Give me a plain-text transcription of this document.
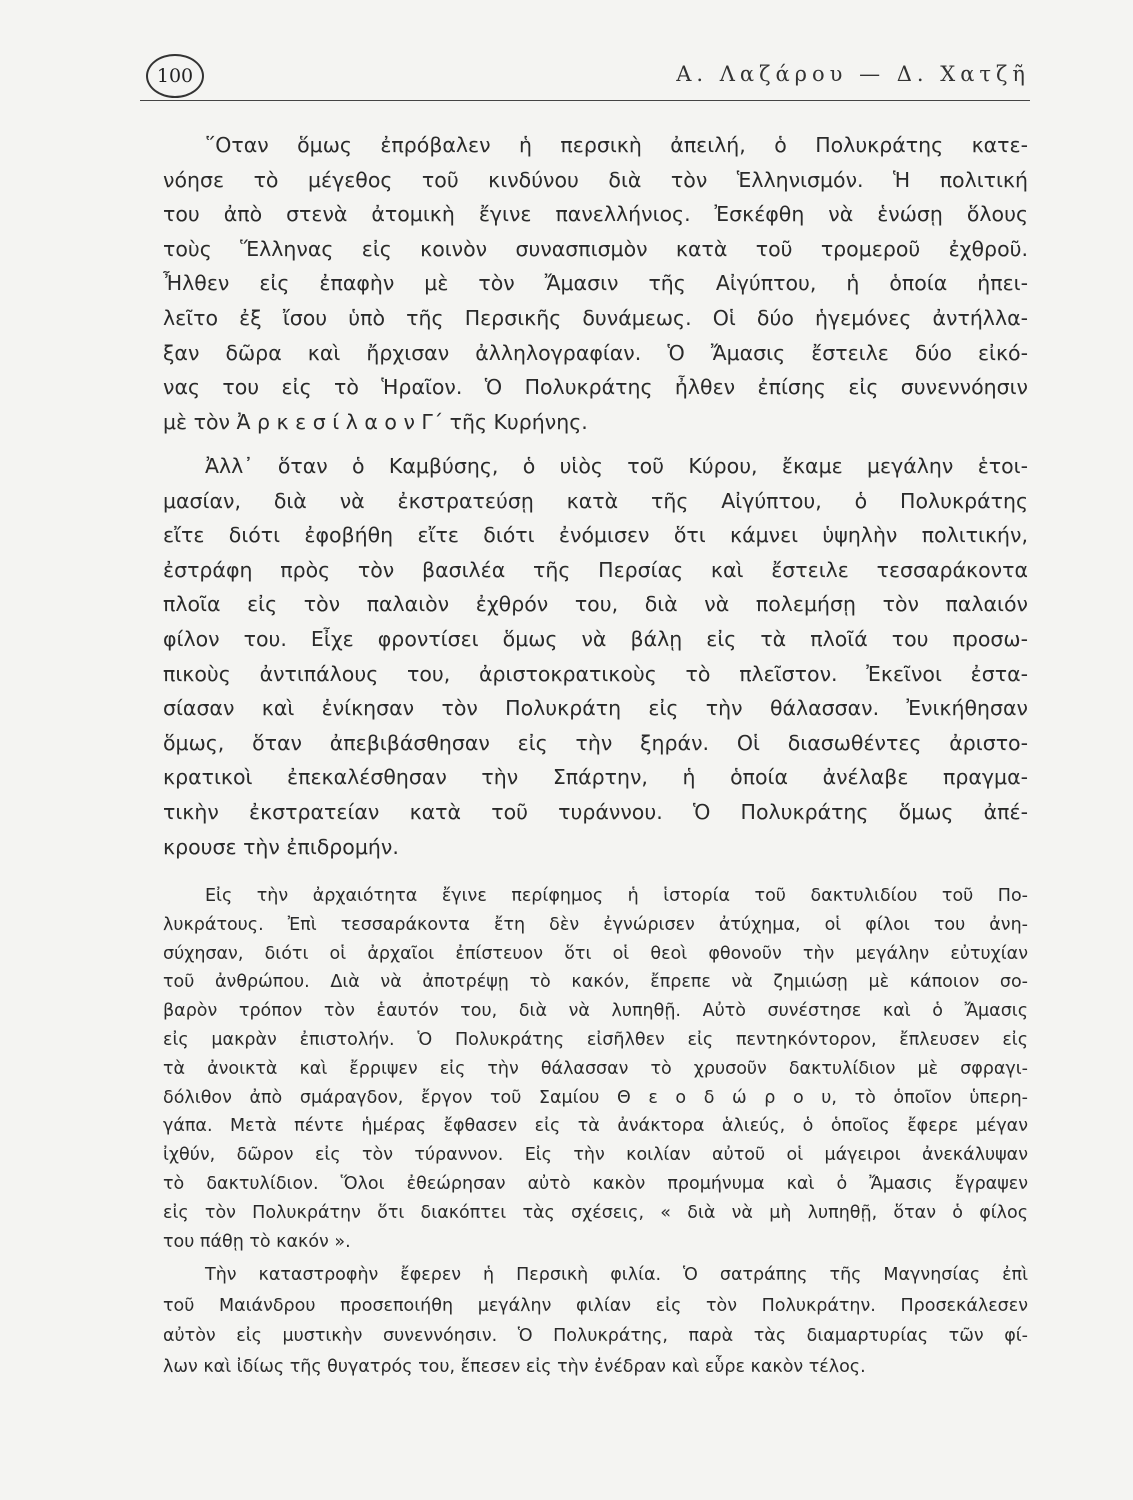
100	Α. Λαζάρου — Δ. Χατζῆ
῞Οταν ὅμως ἐπρόβαλεν ἡ περσικὴ ἀπειλή, ὁ Πολυκράτης κατε-
νόησε τὸ μέγεθος τοῦ κινδύνου διὰ τὸν Ἑλληνισμόν. Ἡ πολιτική
του ἀπὸ στενὰ ἀτομικὴ ἔγινε πανελλήνιος. Ἐσκέφθη νὰ ἑνώσῃ ὅλους
τοὺς Ἕλληνας εἰς κοινὸν συνασπισμὸν κατὰ τοῦ τρομεροῦ ἐχθροῦ.
Ἦλθεν εἰς ἐπαφὴν μὲ τὸν Ἄμασιν τῆς Αἰγύπτου, ἡ ὁποία ἠπει-
λεῖτο ἐξ ἴσου ὑπὸ τῆς Περσικῆς δυνάμεως. Οἱ δύο ἡγεμόνες ἀντήλλα-
ξαν δῶρα καὶ ἤρχισαν ἀλληλογραφίαν. Ὁ Ἄμασις ἔστειλε δύο εἰκό-
νας του εἰς τὸ Ἡραῖον. Ὁ Πολυκράτης ἦλθεν ἐπίσης εἰς συνεννόησιν
μὲ τὸν Ἀ ρ κ ε σ ί λ α ο ν Γ΄ τῆς Κυρήνης.
Ἀλλ᾽ ὅταν ὁ Καμβύσης, ὁ υἱὸς τοῦ Κύρου, ἔκαμε μεγάλην ἑτοι-
μασίαν, διὰ νὰ ἐκστρατεύσῃ κατὰ τῆς Αἰγύπτου, ὁ Πολυκράτης
εἴτε διότι ἐφοβήθη εἴτε διότι ἐνόμισεν ὅτι κάμνει ὑψηλὴν πολιτικήν,
ἐστράφη πρὸς τὸν βασιλέα τῆς Περσίας καὶ ἔστειλε τεσσαράκοντα
πλοῖα εἰς τὸν παλαιὸν ἐχθρόν του, διὰ νὰ πολεμήσῃ τὸν παλαιόν
φίλον του. Εἶχε φροντίσει ὅμως νὰ βάλῃ εἰς τὰ πλοῖά του προσω-
πικοὺς ἀντιπάλους του, ἀριστοκρατικοὺς τὸ πλεῖστον. Ἐκεῖνοι ἐστα-
σίασαν καὶ ἐνίκησαν τὸν Πολυκράτη εἰς τὴν θάλασσαν. Ἐνικήθησαν
ὅμως, ὅταν ἀπεβιβάσθησαν εἰς τὴν ξηράν. Οἱ διασωθέντες ἀριστο-
κρατικοὶ ἐπεκαλέσθησαν τὴν Σπάρτην, ἡ ὁποία ἀνέλαβε πραγμα-
τικὴν ἐκστρατείαν κατὰ τοῦ τυράννου. Ὁ Πολυκράτης ὅμως ἀπέ-
κρουσε τὴν ἐπιδρομήν.
Εἰς τὴν ἀρχαιότητα ἔγινε περίφημος ἡ ἱστορία τοῦ δακτυλιδίου τοῦ Πο-
λυκράτους. Ἐπὶ τεσσαράκοντα ἔτη δὲν ἐγνώρισεν ἀτύχημα, οἱ φίλοι του ἀνη-
σύχησαν, διότι οἱ ἀρχαῖοι ἐπίστευον ὅτι οἱ θεοὶ φθονοῦν τὴν μεγάλην εὐτυχίαν
τοῦ ἀνθρώπου. Διὰ νὰ ἀποτρέψῃ τὸ κακόν, ἔπρεπε νὰ ζημιώσῃ μὲ κάποιον σο-
βαρὸν τρόπον τὸν ἑαυτόν του, διὰ νὰ λυπηθῇ. Αὐτὸ συνέστησε καὶ ὁ Ἄμασις
εἰς μακρὰν ἐπιστολήν. Ὁ Πολυκράτης εἰσῆλθεν εἰς πεντηκόντορον, ἔπλευσεν εἰς
τὰ ἀνοικτὰ καὶ ἔρριψεν εἰς τὴν θάλασσαν τὸ χρυσοῦν δακτυλίδιον μὲ σφραγι-
δόλιθον ἀπὸ σμάραγδον, ἔργον τοῦ Σαμίου Θ ε ο δ ώ ρ ο υ, τὸ ὁποῖον ὑπερη-
γάπα. Μετὰ πέντε ἡμέρας ἔφθασεν εἰς τὰ ἀνάκτορα ἁλιεύς, ὁ ὁποῖος ἔφερε μέγαν
ἰχθύν, δῶρον εἰς τὸν τύραννον. Εἰς τὴν κοιλίαν αὐτοῦ οἱ μάγειροι ἀνεκάλυψαν
τὸ δακτυλίδιον. Ὅλοι ἐθεώρησαν αὐτὸ κακὸν προμήνυμα καὶ ὁ Ἄμασις ἔγραψεν
εἰς τὸν Πολυκράτην ὅτι διακόπτει τὰς σχέσεις, « διὰ νὰ μὴ λυπηθῇ, ὅταν ὁ φίλος
του πάθῃ τὸ κακόν ».
Τὴν καταστροφὴν ἔφερεν ἡ Περσικὴ φιλία. Ὁ σατράπης τῆς Μαγνησίας ἐπὶ
τοῦ Μαιάνδρου προσεποιήθη μεγάλην φιλίαν εἰς τὸν Πολυκράτην. Προσεκάλεσεν
αὐτὸν εἰς μυστικὴν συνεννόησιν. Ὁ Πολυκράτης, παρὰ τὰς διαμαρτυρίας τῶν φί-
λων καὶ ἰδίως τῆς θυγατρός του, ἔπεσεν εἰς τὴν ἐνέδραν καὶ εὗρε κακὸν τέλος.
